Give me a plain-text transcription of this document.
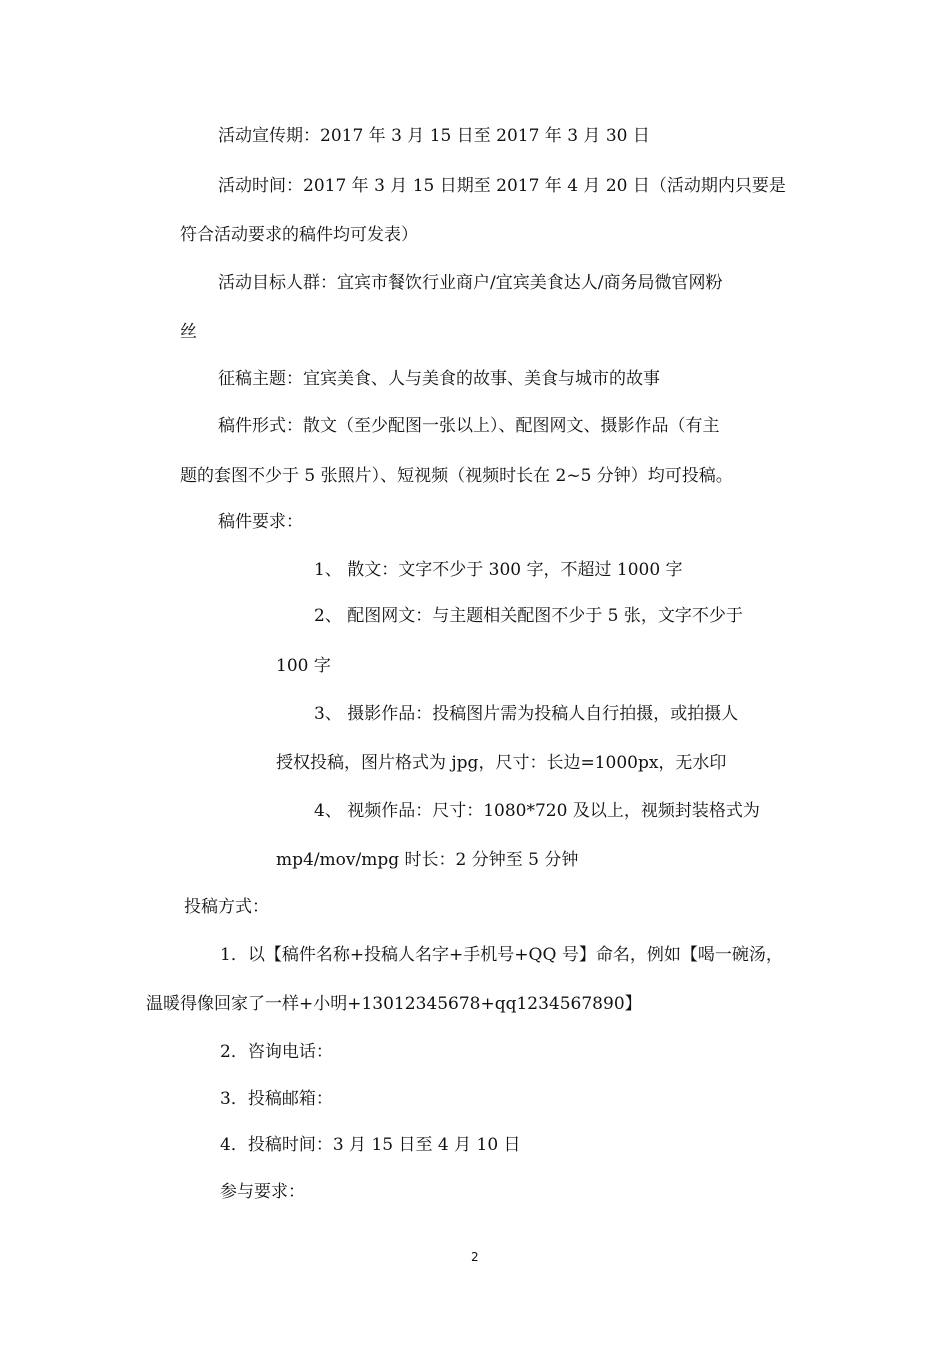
活动宣传期：2017 年 3 月 15 日至 2017 年 3 月 30 日
活动时间：2017 年 3 月 15 日期至 2017 年 4 月 20 日（活动期内只要是
符合活动要求的稿件均可发表）
活动目标人群：宜宾市餐饮行业商户/宜宾美食达人/商务局微官网粉
丝
征稿主题：宜宾美食、人与美食的故事、美食与城市的故事
稿件形式：散文（至少配图一张以上）、配图网文、摄影作品（有主
题的套图不少于 5 张照片）、短视频（视频时长在 2~5 分钟）均可投稿。
稿件要求：
1、 散文：文字不少于 300 字，不超过 1000 字
2、 配图网文：与主题相关配图不少于 5 张，文字不少于
100 字
3、 摄影作品：投稿图片需为投稿人自行拍摄，或拍摄人
授权投稿，图片格式为 jpg，尺寸：长边=1000px，无水印
4、 视频作品：尺寸：1080*720 及以上，视频封装格式为
mp4/mov/mpg 时长：2 分钟至 5 分钟
投稿方式：
1．以【稿件名称+投稿人名字+手机号+QQ 号】命名，例如【喝一碗汤，
温暖得像回家了一样+小明+13012345678+qq1234567890】
2．咨询电话：
3．投稿邮箱：
4．投稿时间：3 月 15 日至 4 月 10 日
参与要求：
2
